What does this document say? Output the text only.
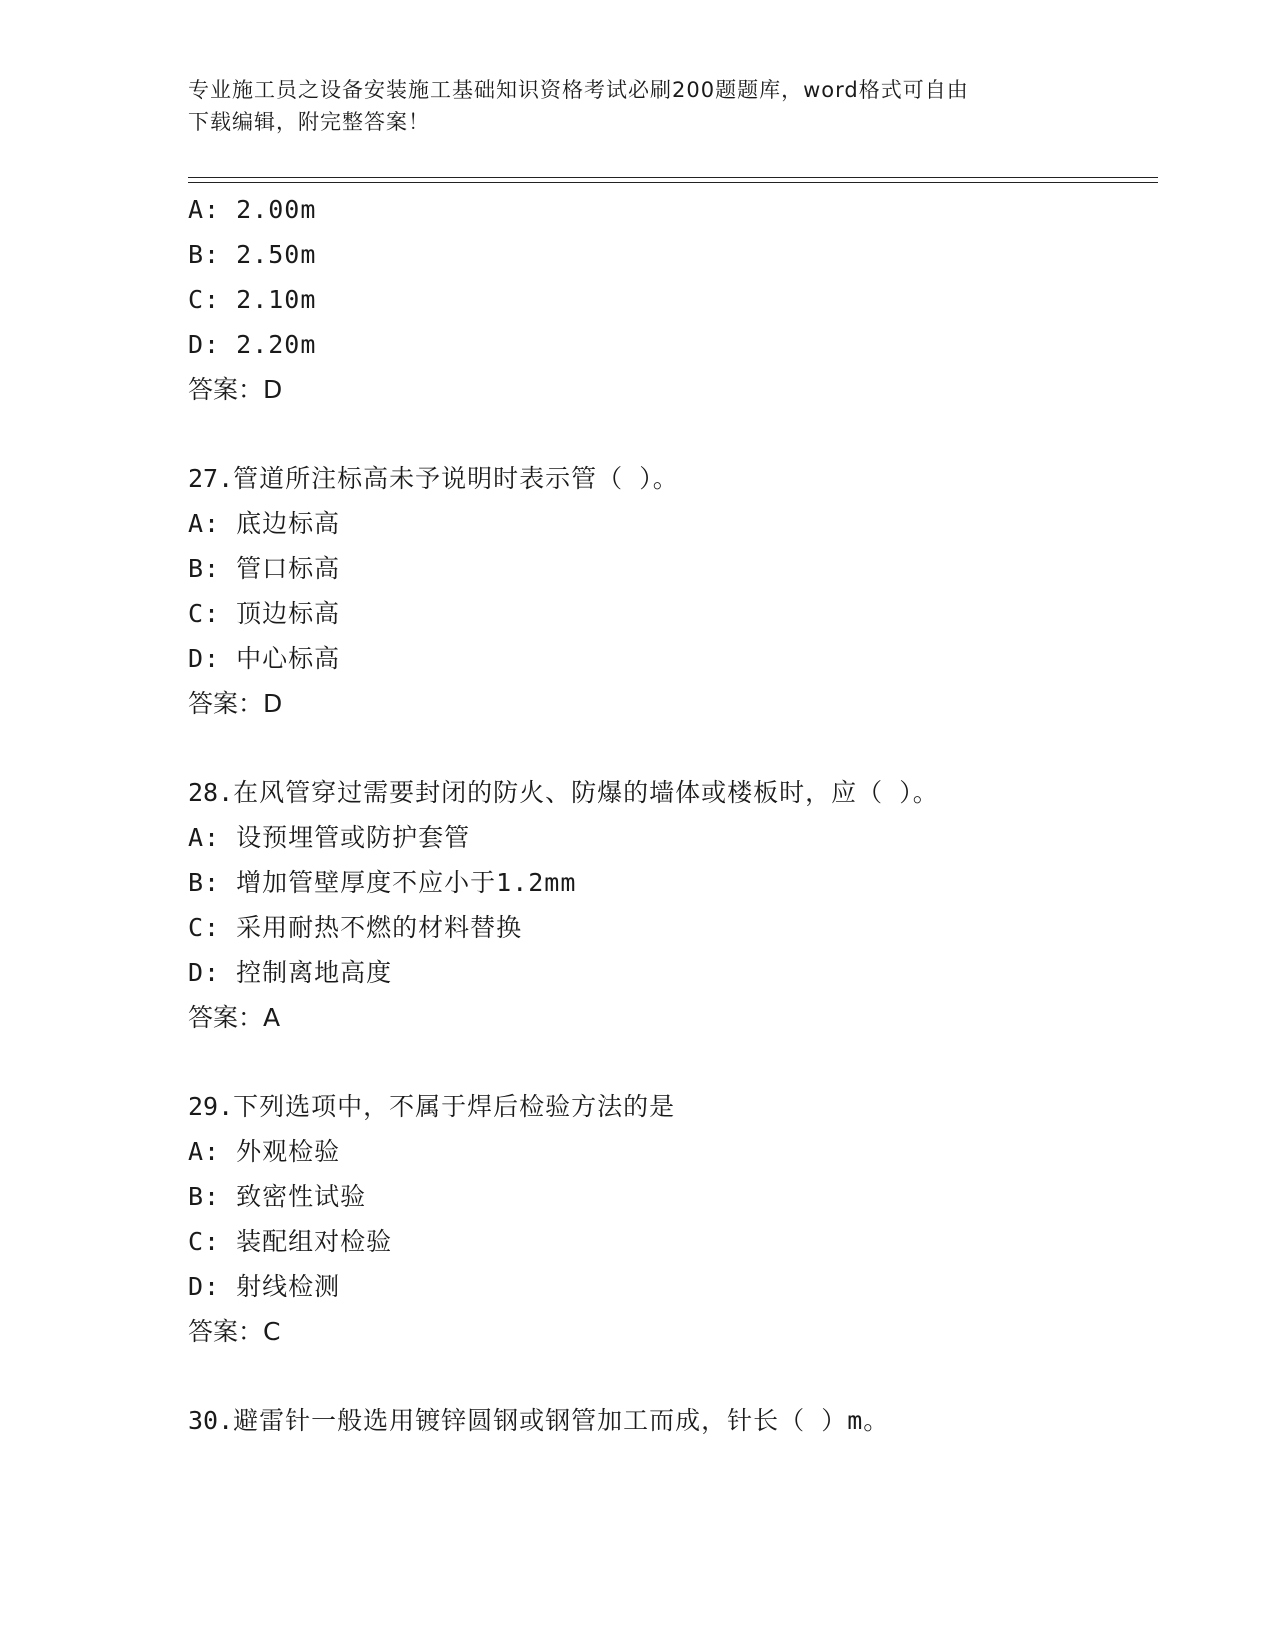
专业施工员之设备安装施工基础知识资格考试必刷200题题库，word格式可自由
下载编辑，附完整答案！
A: 2.00m
B: 2.50m
C: 2.10m
D: 2.20m
答案：D
27.管道所注标高未予说明时表示管（ ）。
A: 底边标高
B: 管口标高
C: 顶边标高
D: 中心标高
答案：D
28.在风管穿过需要封闭的防火、防爆的墙体或楼板时，应（ ）。
A: 设预埋管或防护套管
B: 增加管壁厚度不应小于1.2mm
C: 采用耐热不燃的材料替换
D: 控制离地高度
答案：A
29.下列选项中，不属于焊后检验方法的是
A: 外观检验
B: 致密性试验
C: 装配组对检验
D: 射线检测
答案：C
30.避雷针一般选用镀锌圆钢或钢管加工而成，针长（ ）m。
